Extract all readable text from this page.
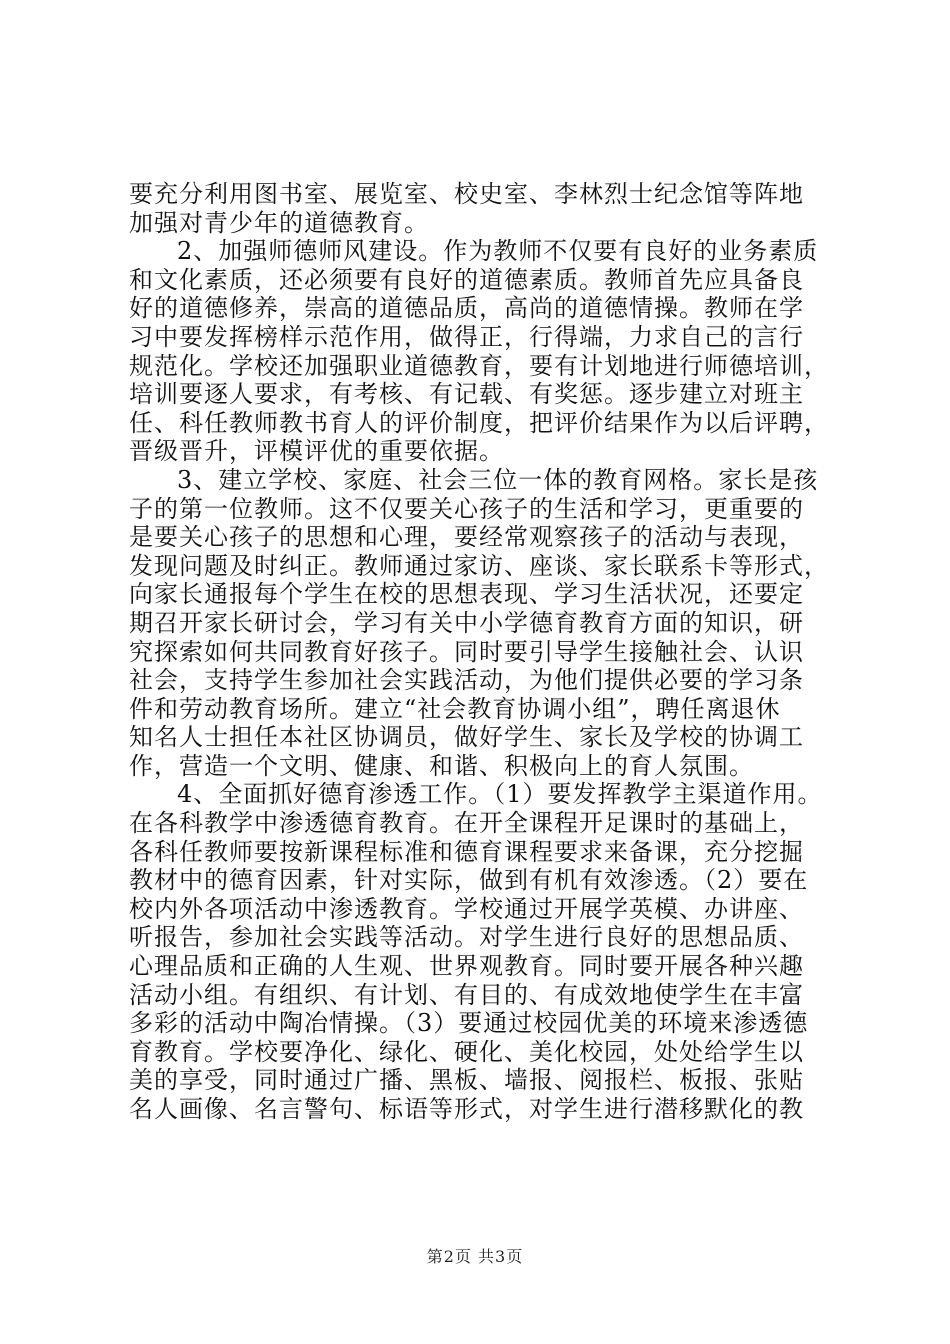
要充分利用图书室、展览室、校史室、李林烈士纪念馆等阵地
加强对青少年的道德教育。
2、加强师德师风建设。作为教师不仅要有良好的业务素质
和文化素质，还必须要有良好的道德素质。教师首先应具备良
好的道德修养，崇高的道德品质，高尚的道德情操。教师在学
习中要发挥榜样示范作用，做得正，行得端，力求自己的言行
规范化。学校还加强职业道德教育，要有计划地进行师德培训，
培训要逐人要求，有考核、有记载、有奖惩。逐步建立对班主
任、科任教师教书育人的评价制度，把评价结果作为以后评聘，
晋级晋升，评模评优的重要依据。
3、建立学校、家庭、社会三位一体的教育网格。家长是孩
子的第一位教师。这不仅要关心孩子的生活和学习，更重要的
是要关心孩子的思想和心理，要经常观察孩子的活动与表现，
发现问题及时纠正。教师通过家访、座谈、家长联系卡等形式，
向家长通报每个学生在校的思想表现、学习生活状况，还要定
期召开家长研讨会，学习有关中小学德育教育方面的知识，研
究探索如何共同教育好孩子。同时要引导学生接触社会、认识
社会，支持学生参加社会实践活动，为他们提供必要的学习条
件和劳动教育场所。建立“社会教育协调小组”，聘任离退休
知名人士担任本社区协调员，做好学生、家长及学校的协调工
作，营造一个文明、健康、和谐、积极向上的育人氛围。
4、全面抓好德育渗透工作。（1）要发挥教学主渠道作用。
在各科教学中渗透德育教育。在开全课程开足课时的基础上，
各科任教师要按新课程标准和德育课程要求来备课，充分挖掘
教材中的德育因素，针对实际，做到有机有效渗透。（2）要在
校内外各项活动中渗透教育。学校通过开展学英模、办讲座、
听报告，参加社会实践等活动。对学生进行良好的思想品质、
心理品质和正确的人生观、世界观教育。同时要开展各种兴趣
活动小组。有组织、有计划、有目的、有成效地使学生在丰富
多彩的活动中陶冶情操。（3）要通过校园优美的环境来渗透德
育教育。学校要净化、绿化、硬化、美化校园，处处给学生以
美的享受，同时通过广播、黑板、墙报、阅报栏、板报、张贴
名人画像、名言警句、标语等形式，对学生进行潜移默化的教
第2页 共3页
